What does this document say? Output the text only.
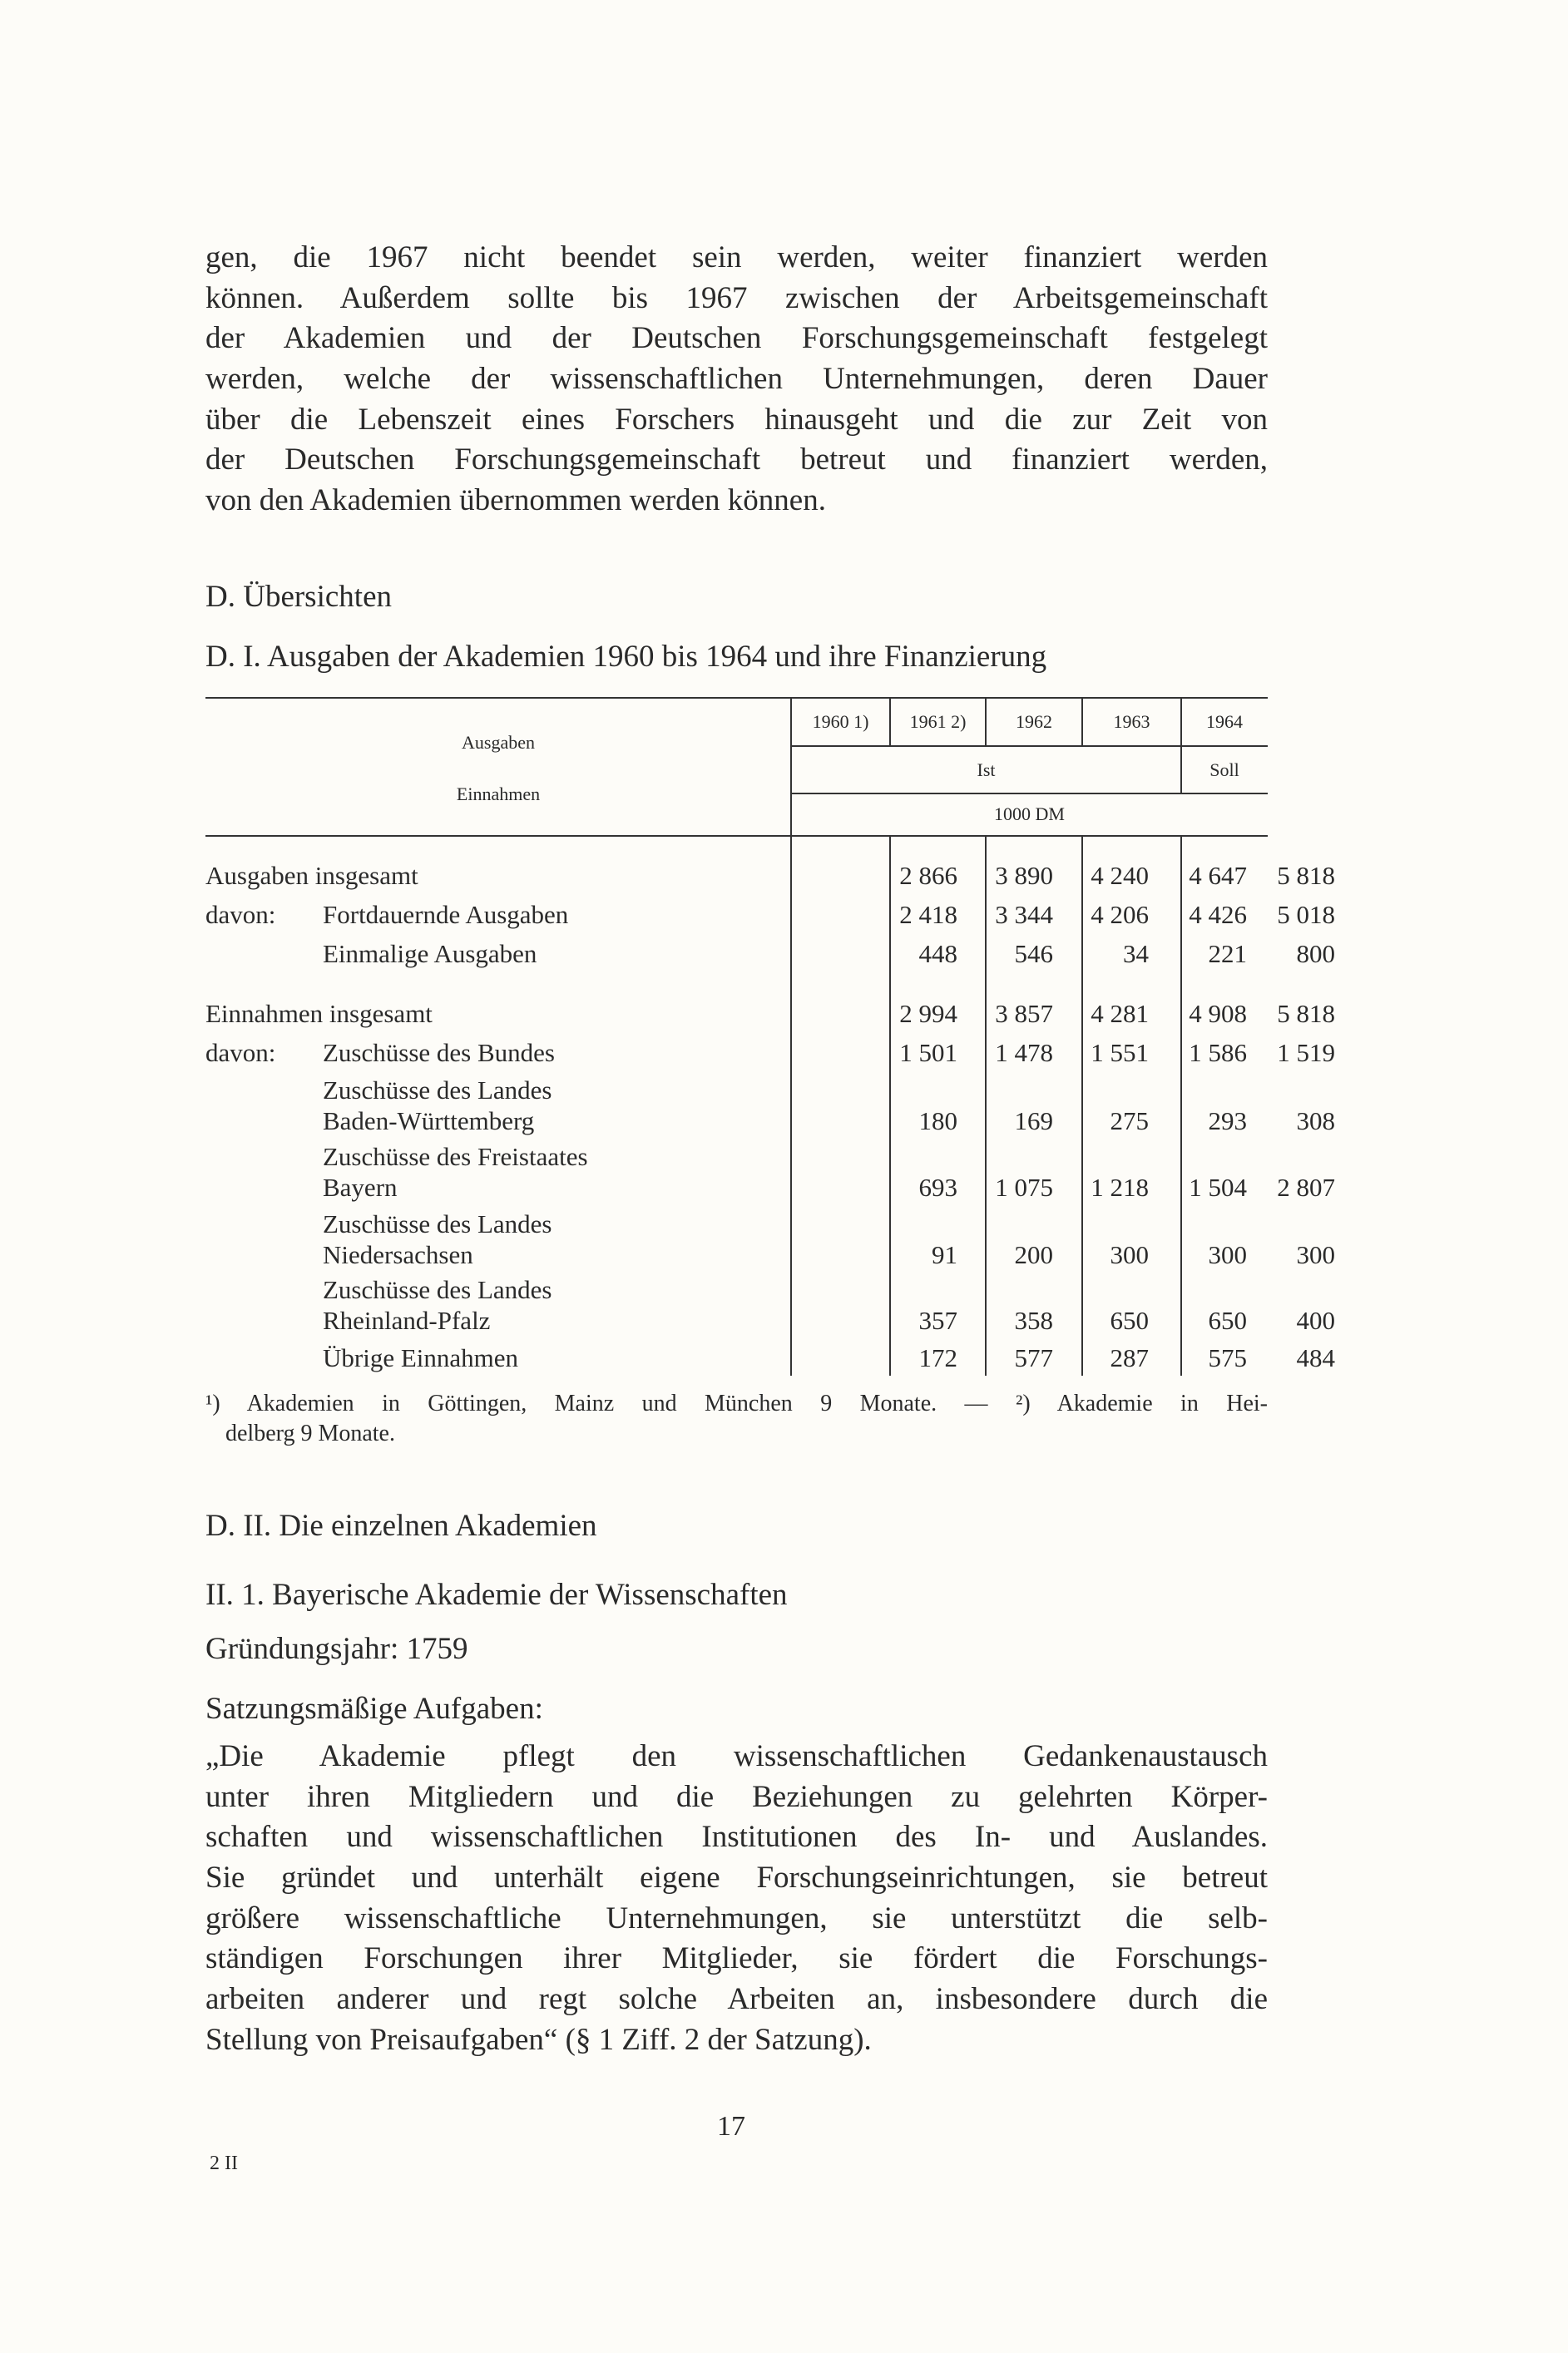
gen, die 1967 nicht beendet sein werden, weiter finanziert werden
können. Außerdem sollte bis 1967 zwischen der Arbeitsgemeinschaft
der Akademien und der Deutschen Forschungsgemeinschaft festgelegt
werden, welche der wissenschaftlichen Unternehmungen, deren Dauer
über die Lebenszeit eines Forschers hinausgeht und die zur Zeit von
der Deutschen Forschungsgemeinschaft betreut und finanziert werden,
von den Akademien übernommen werden können.
D. Übersichten
D. I. Ausgaben der Akademien 1960 bis 1964 und ihre Finanzierung
Ausgaben
Einnahmen
1960 1)	1961 2)	1962	1963	1964
Ist	Soll
1000 DM
Ausgaben insgesamt	2 866	3 890	4 240	4 647	5 818
davon: Fortdauernde Ausgaben	2 418	3 344	4 206	4 426	5 018
Einmalige Ausgaben	448	546	34	221	800
Einnahmen insgesamt	2 994	3 857	4 281	4 908	5 818
davon: Zuschüsse des Bundes	1 501	1 478	1 551	1 586	1 519
Zuschüsse des Landes
Baden-Württemberg	180	169	275	293	308
Zuschüsse des Freistaates
Bayern	693	1 075	1 218	1 504	2 807
Zuschüsse des Landes
Niedersachsen	91	200	300	300	300
Zuschüsse des Landes
Rheinland-Pfalz	357	358	650	650	400
Übrige Einnahmen	172	577	287	575	484
¹) Akademien in Göttingen, Mainz und München 9 Monate. — ²) Akademie in Hei-
delberg 9 Monate.
D. II. Die einzelnen Akademien
II. 1. Bayerische Akademie der Wissenschaften
Gründungsjahr: 1759
Satzungsmäßige Aufgaben:
„Die Akademie pflegt den wissenschaftlichen Gedankenaustausch
unter ihren Mitgliedern und die Beziehungen zu gelehrten Körper-
schaften und wissenschaftlichen Institutionen des In- und Auslandes.
Sie gründet und unterhält eigene Forschungseinrichtungen, sie betreut
größere wissenschaftliche Unternehmungen, sie unterstützt die selb-
ständigen Forschungen ihrer Mitglieder, sie fördert die Forschungs-
arbeiten anderer und regt solche Arbeiten an, insbesondere durch die
Stellung von Preisaufgaben“ (§ 1 Ziff. 2 der Satzung).
17
2 II
